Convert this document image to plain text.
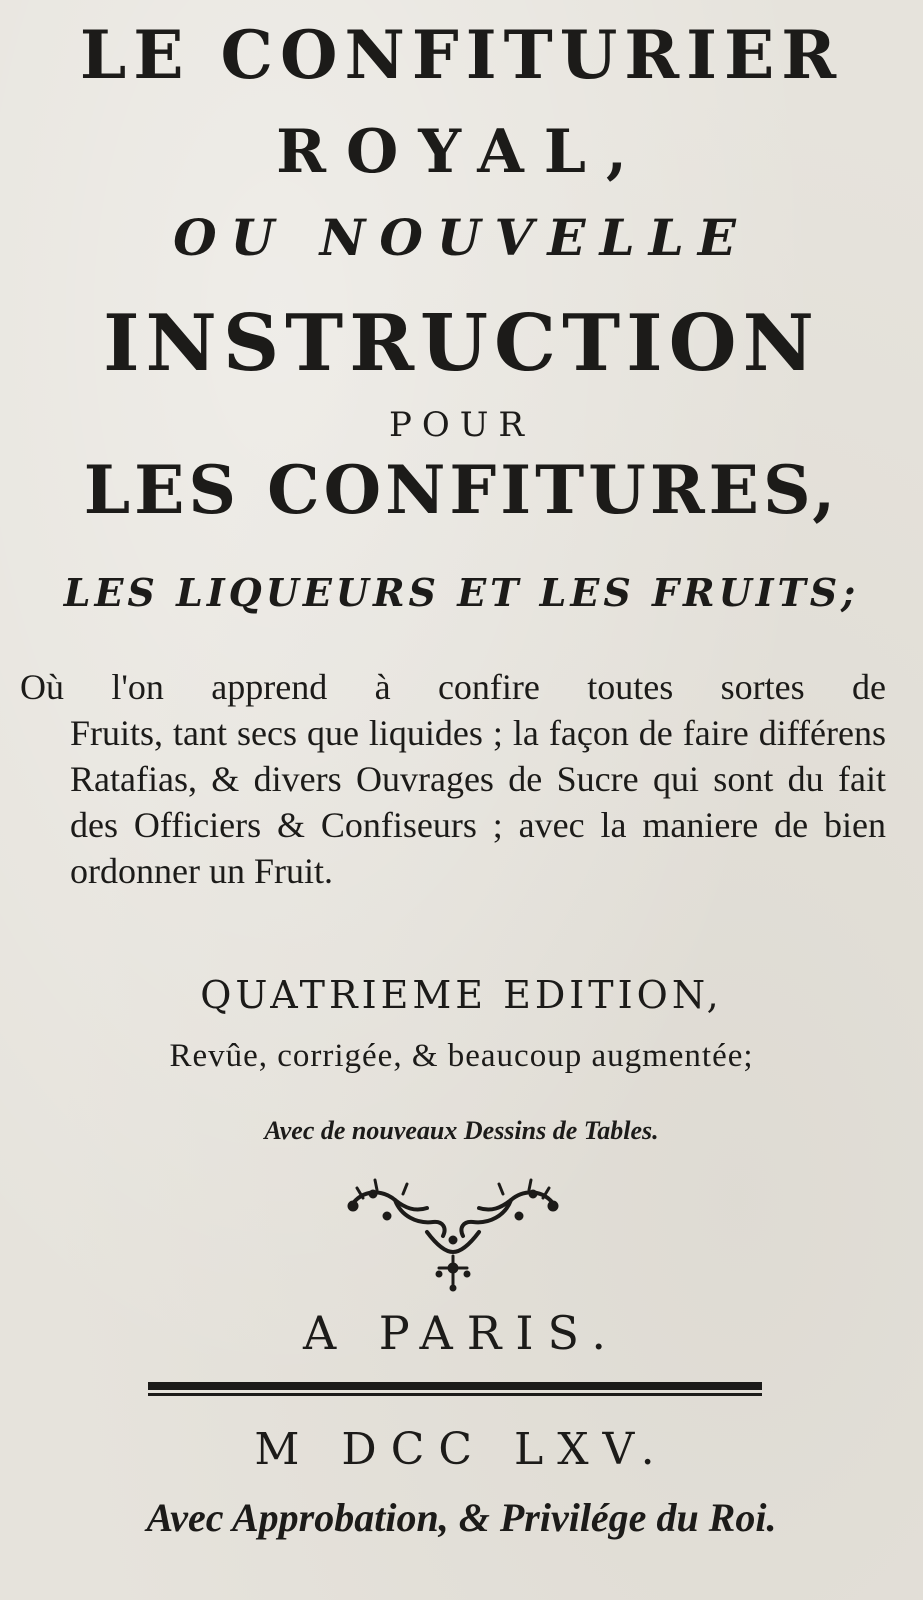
LE CONFITURIER
ROYAL,
OU NOUVELLE
INSTRUCTION
POUR
LES CONFITURES,
LES LIQUEURS ET LES FRUITS;
Où l'on apprend à confire toutes sortes de
Fruits, tant secs que liquides ; la façon de faire différens Ratafias, & divers Ouvrages de Sucre qui sont du fait des Officiers & Confiseurs ; avec la maniere de bien ordonner un Fruit.
QUATRIEME EDITION,
Revûe, corrigée, & beaucoup augmentée;
Avec de nouveaux Dessins de Tables.
A PARIS.
M DCC LXV.
Avec Approbation, & Privilége du Roi.
